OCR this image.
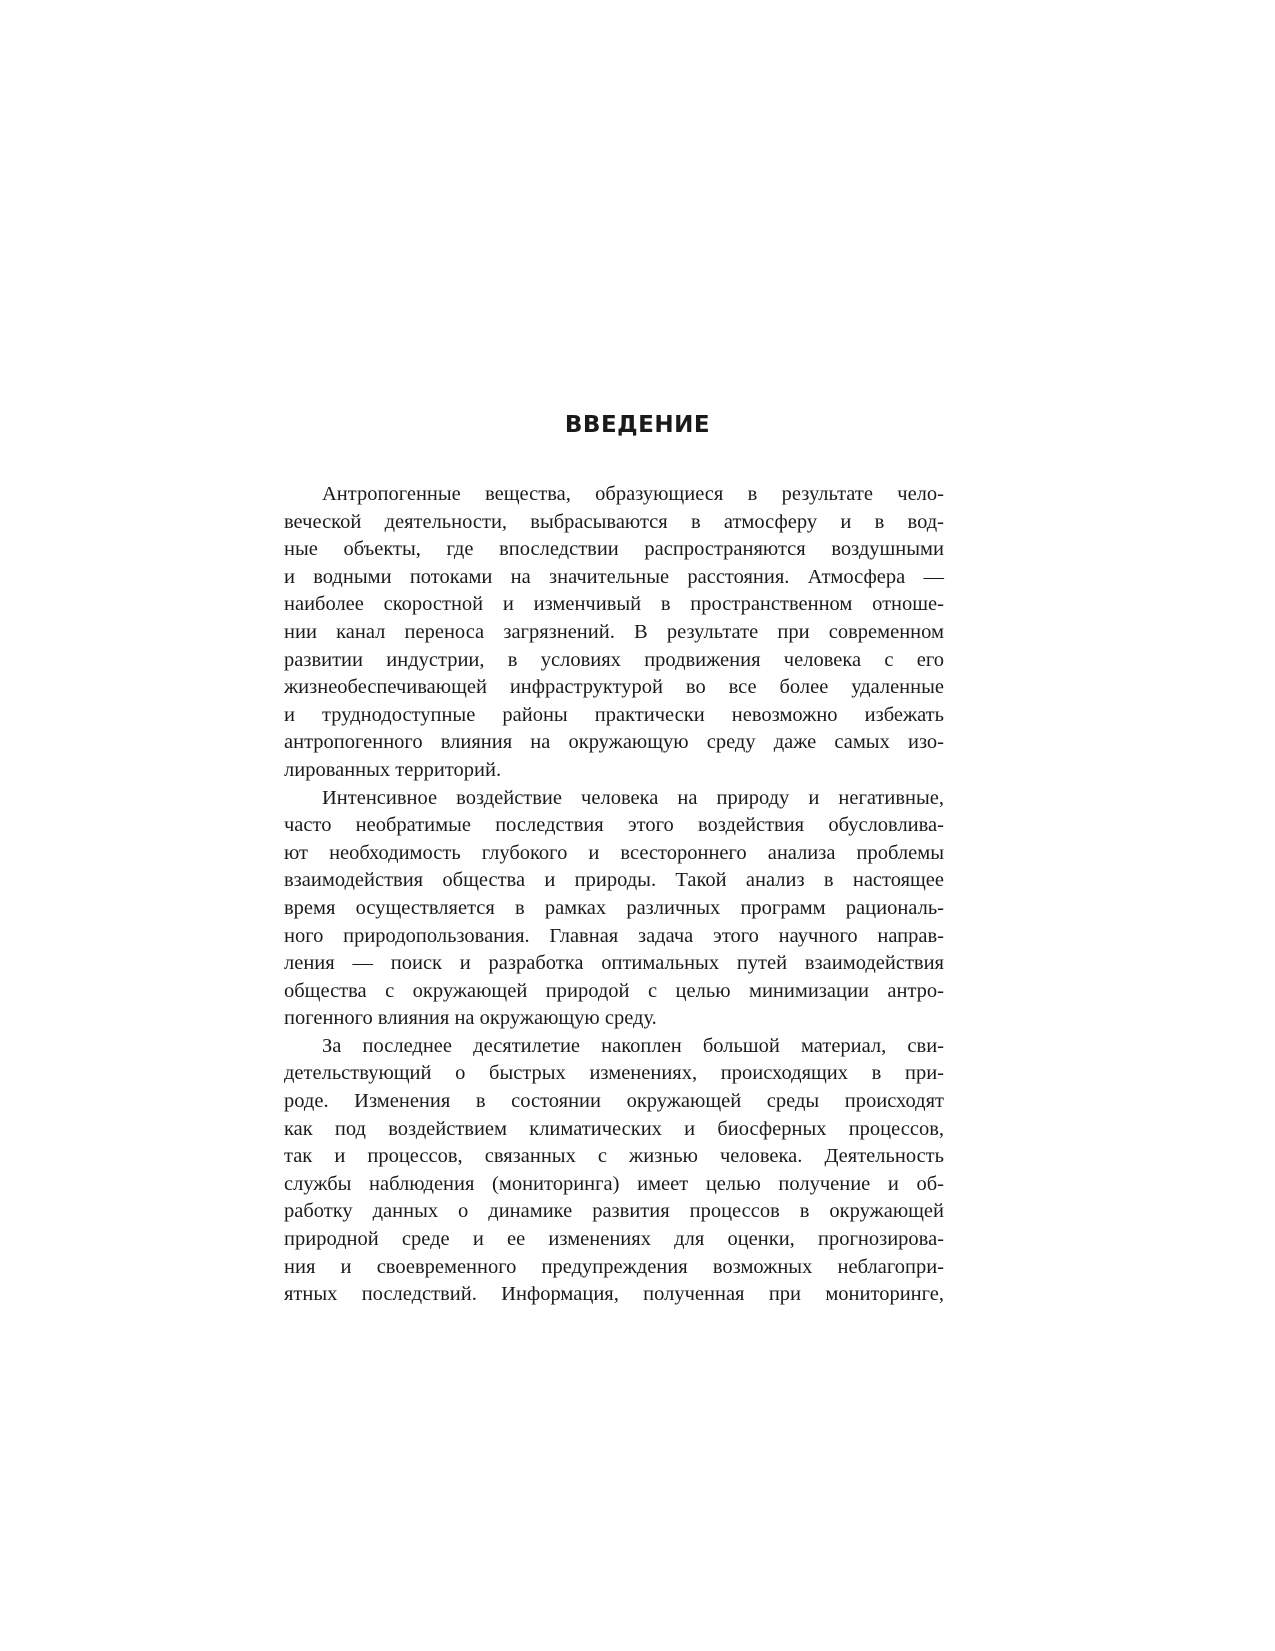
ВВЕДЕНИЕ

Антропогенные вещества, образующиеся в результате чело-
веческой деятельности, выбрасываются в атмосферу и в вод-
ные объекты, где впоследствии распространяются воздушными
и водными потоками на значительные расстояния. Атмосфера —
наиболее скоростной и изменчивый в пространственном отноше-
нии канал переноса загрязнений. В результате при современном
развитии индустрии, в условиях продвижения человека с его
жизнеобеспечивающей инфраструктурой во все более удаленные
и труднодоступные районы практически невозможно избежать
антропогенного влияния на окружающую среду даже самых изо-
лированных территорий.

Интенсивное воздействие человека на природу и негативные,
часто необратимые последствия этого воздействия обусловлива-
ют необходимость глубокого и всестороннего анализа проблемы
взаимодействия общества и природы. Такой анализ в настоящее
время осуществляется в рамках различных программ рациональ-
ного природопользования. Главная задача этого научного направ-
ления — поиск и разработка оптимальных путей взаимодействия
общества с окружающей природой с целью минимизации антро-
погенного влияния на окружающую среду.

За последнее десятилетие накоплен большой материал, сви-
детельствующий о быстрых изменениях, происходящих в при-
роде. Изменения в состоянии окружающей среды происходят
как под воздействием климатических и биосферных процессов,
так и процессов, связанных с жизнью человека. Деятельность
службы наблюдения (мониторинга) имеет целью получение и об-
работку данных о динамике развития процессов в окружающей
природной среде и ее изменениях для оценки, прогнозирова-
ния и своевременного предупреждения возможных неблагопри-
ятных последствий. Информация, полученная при мониторинге,
